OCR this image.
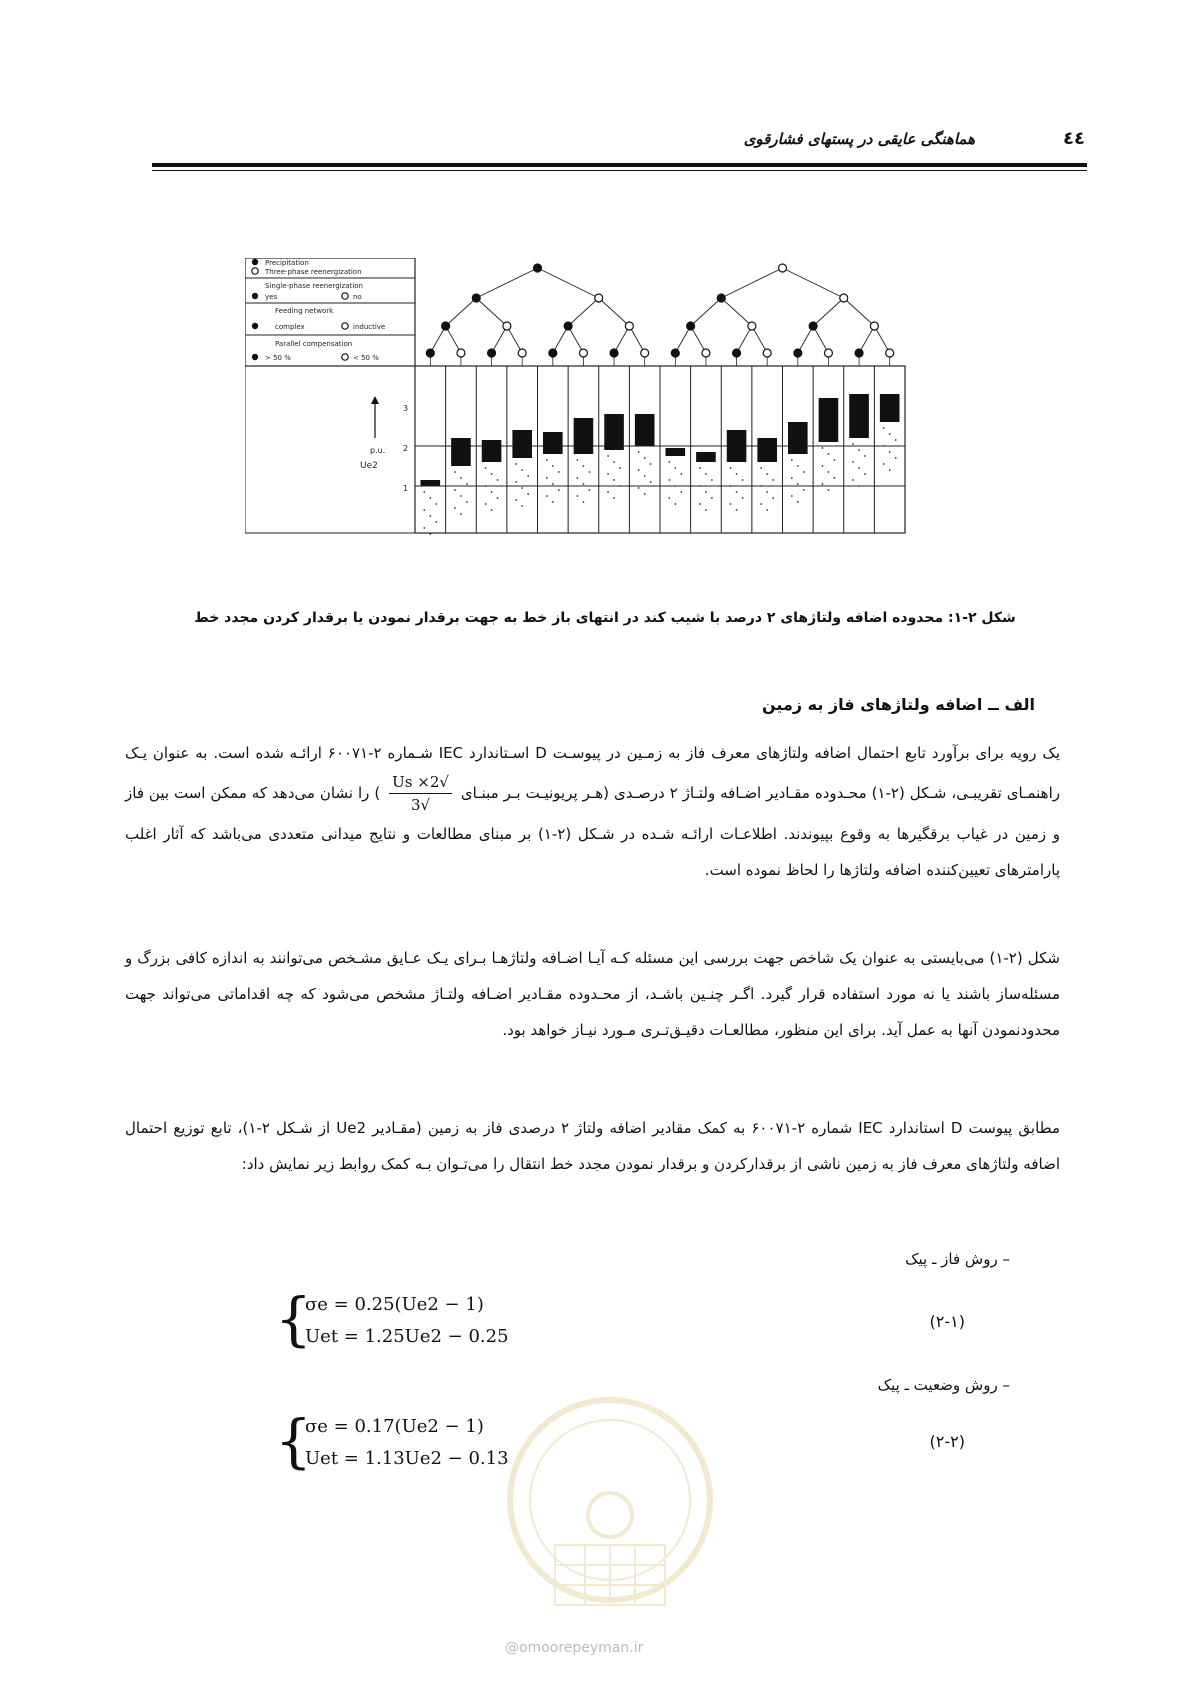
هماهنگی عایقی در پستهای فشارقوی	٤٤
Precipitation
Three-phase reenergization
Single-phase reenergization
yes	no
Feeding network
complex	inductive
Parallel compensation
> 50 %	< 50 %
p.u.
Ue2
3
2
1
شکل ۲-۱: محدوده اضافه ولتاژهای ۲ درصد با شیب کند در انتهای باز خط به جهت برقدار نمودن یا برقدار کردن مجدد خط
الف ــ اضافه ولتاژهای فاز به زمین
یک رویه برای برآورد تابع احتمال اضافه ولتاژهای معرف فاز به زمـین در پیوسـت D اسـتاندارد IEC شـماره ۲-۶۰۰۷۱ ارائـه شده است. به عنوان یـک راهنمـای تقریبـی، شـکل (۲-۱) محـدوده مقـادیر اضـافه ولتـاژ ۲ درصـدی (هـر پریونیـت بـر مبنـای
$\frac{√2\times Us}{√3}$
) را نشان می‌دهد که ممکن است بین فاز و زمین در غیاب برقگیرها به وقوع بپیوندند. اطلاعـات ارائـه شـده در شـکل (۲-۱) بر مبنای مطالعات و نتایج میدانی متعددی می‌باشد که آثار اغلب پارامترهای تعیین‌کننده اضافه ولتاژها را لحاظ نموده است.
شکل (۲-۱) می‌بایستی به عنوان یک شاخص جهت بررسی این مسئله کـه آیـا اضـافه ولتاژهـا بـرای یـک عـایق مشـخص می‌توانند به اندازه کافی بزرگ و مسئله‌ساز باشند یا نه مورد استفاده قرار گیرد. اگـر چنـین باشـد، از محـدوده مقـادیر اضـافه ولتـاژ مشخص می‌شود که چه اقداماتی می‌تواند جهت محدودنمودن آنها به عمل آید. برای این منظور، مطالعـات دقیـق‌تـری مـورد نیـاز خواهد بود.
مطابق پیوست D استاندارد IEC شماره ۲-۶۰۰۷۱ به کمک مقادیر اضافه ولتاژ ۲ درصدی فاز به زمین (مقـادیر Ue2 از شـکل ۲-۱)، تابع توزیع احتمال اضافه ولتاژهای معرف فاز به زمین ناشی از برقدارکردن و برقدار نمودن مجدد خط انتقال را می‌تـوان بـه کمک روابط زیر نمایش داد:
– روش فاز ـ پیک
{
σe = 0.25(Ue2 − 1)
Uet = 1.25Ue2 − 0.25
(۲-۱)
– روش وضعیت ـ پیک
{
σe = 0.17(Ue2 − 1)
Uet = 1.13Ue2 − 0.13
(۲-۲)
@omoorepeyman.ir
